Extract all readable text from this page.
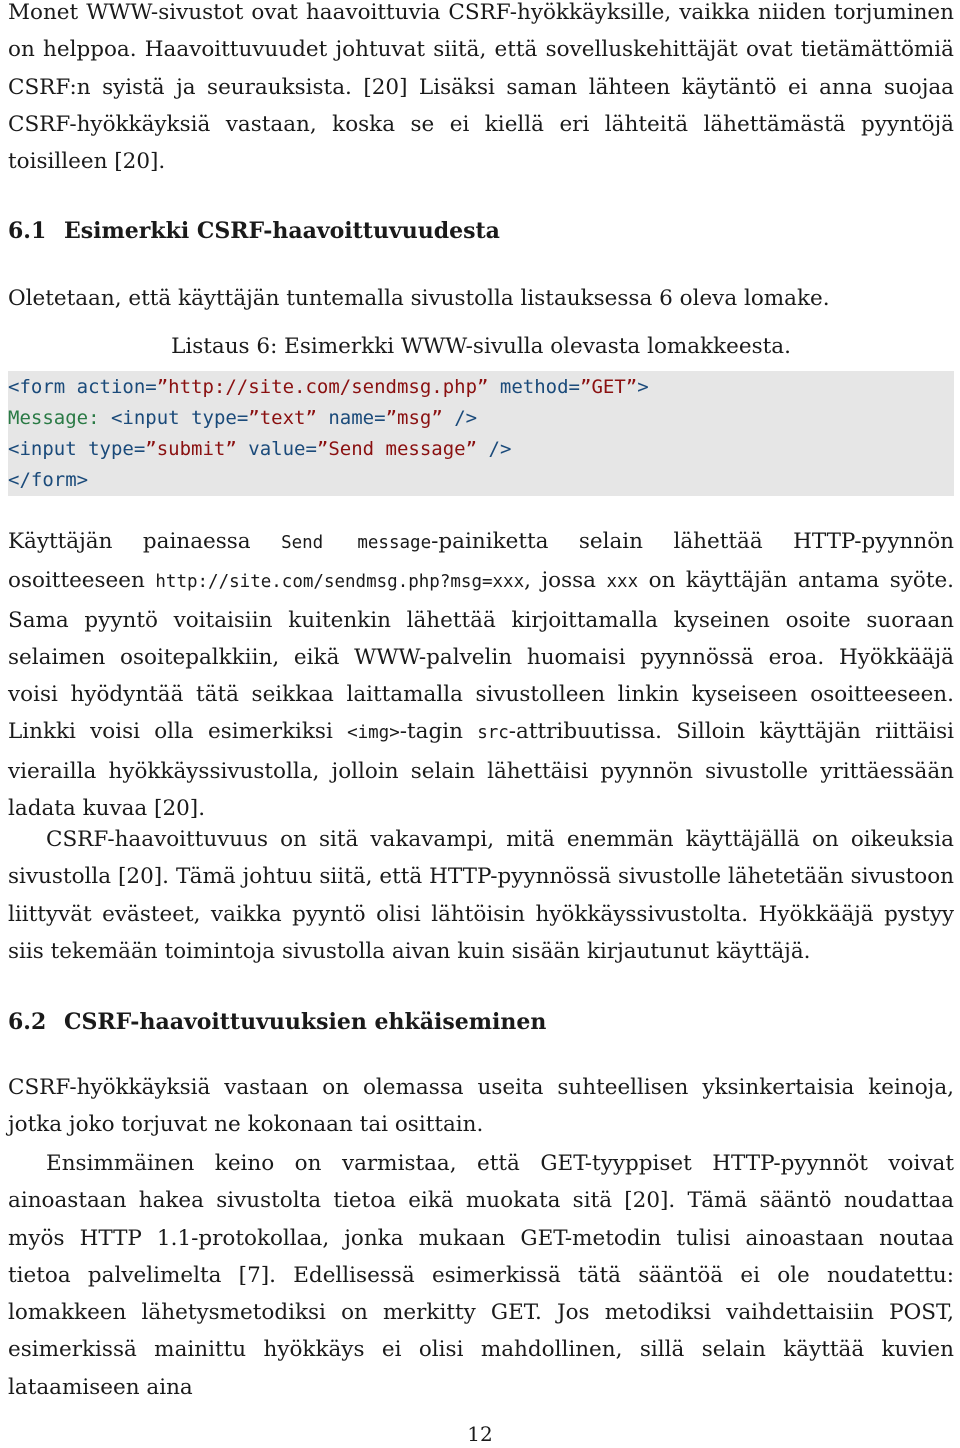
Monet WWW-sivustot ovat haavoittuvia CSRF-hyökkäyksille, vaikka niiden torjuminen on helppoa. Haavoittuvuudet johtuvat siitä, että sovelluskehittäjät ovat tietämättömiä CSRF:n syistä ja seurauksista. [20] Lisäksi saman lähteen käytäntö ei anna suojaa CSRF-hyökkäyksiä vastaan, koska se ei kiellä eri lähteitä lähettämästä pyyntöjä toisilleen [20].

6.1 Esimerkki CSRF-haavoittuvuudesta

Oletetaan, että käyttäjän tuntemalla sivustolla listauksessa 6 oleva lomake.

Listaus 6: Esimerkki WWW-sivulla olevasta lomakkeesta.
<form action=”http://site.com/sendmsg.php” method=”GET”>
Message: <input type=”text” name=”msg” />
<input type=”submit” value=”Send message” />
</form>

Käyttäjän painaessa Send message-painiketta selain lähettää HTTP-pyynnön osoitteeseen http://site.com/sendmsg.php?msg=xxx, jossa xxx on käyttäjän antama syöte. Sama pyyntö voitaisiin kuitenkin lähettää kirjoittamalla kyseinen osoite suoraan selaimen osoitepalkkiin, eikä WWW-palvelin huomaisi pyynnössä eroa. Hyökkääjä voisi hyödyntää tätä seikkaa laittamalla sivustolleen linkin kyseiseen osoitteeseen. Linkki voisi olla esimerkiksi <img>-tagin src-attribuutissa. Silloin käyttäjän riittäisi vierailla hyökkäyssivustolla, jolloin selain lähettäisi pyynnön sivustolle yrittäessään ladata kuvaa [20].

CSRF-haavoittuvuus on sitä vakavampi, mitä enemmän käyttäjällä on oikeuksia sivustolla [20]. Tämä johtuu siitä, että HTTP-pyynnössä sivustolle lähetetään sivustoon liittyvät evästeet, vaikka pyyntö olisi lähtöisin hyökkäyssivustolta. Hyökkääjä pystyy siis tekemään toimintoja sivustolla aivan kuin sisään kirjautunut käyttäjä.

6.2 CSRF-haavoittuvuuksien ehkäiseminen

CSRF-hyökkäyksiä vastaan on olemassa useita suhteellisen yksinkertaisia keinoja, jotka joko torjuvat ne kokonaan tai osittain.

Ensimmäinen keino on varmistaa, että GET-tyyppiset HTTP-pyynnöt voivat ainoastaan hakea sivustolta tietoa eikä muokata sitä [20]. Tämä sääntö noudattaa myös HTTP 1.1-protokollaa, jonka mukaan GET-metodin tulisi ainoastaan noutaa tietoa palvelimelta [7]. Edellisessä esimerkissä tätä sääntöä ei ole noudatettu: lomakkeen lähetysmetodiksi on merkitty GET. Jos metodiksi vaihdettaisiin POST, esimerkissä mainittu hyökkäys ei olisi mahdollinen, sillä selain käyttää kuvien lataamiseen aina

12
